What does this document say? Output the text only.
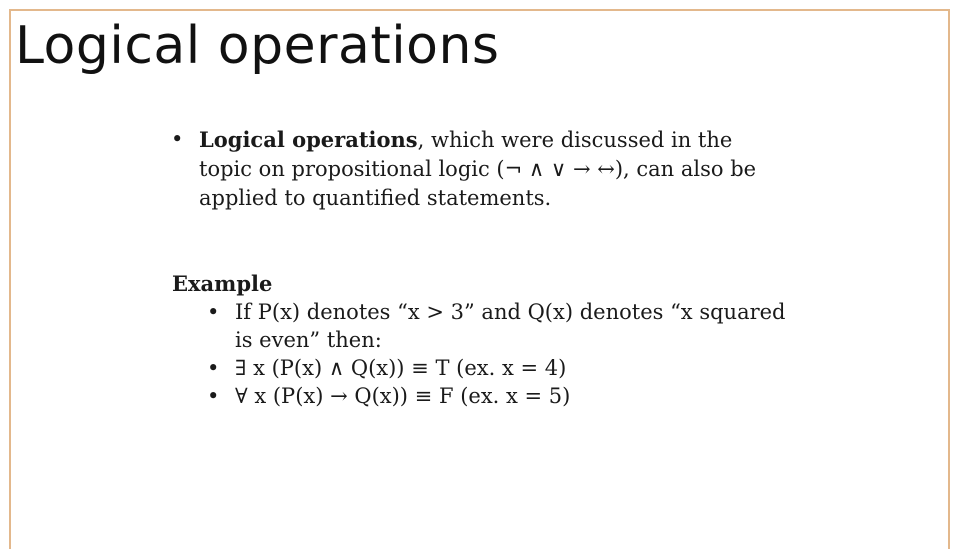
Logical operations
• Logical operations, which were discussed in the
topic on propositional logic (¬ ∧ ∨ → ↔), can also be
applied to quantified statements.

Example

• If P(x) denotes “x > 3” and Q(x) denotes “x squared
is even” then:
• ∃ x (P(x) ∧ Q(x)) ≡ T (ex. x = 4)
• ∀ x (P(x) → Q(x)) ≡ F (ex. x = 5)
